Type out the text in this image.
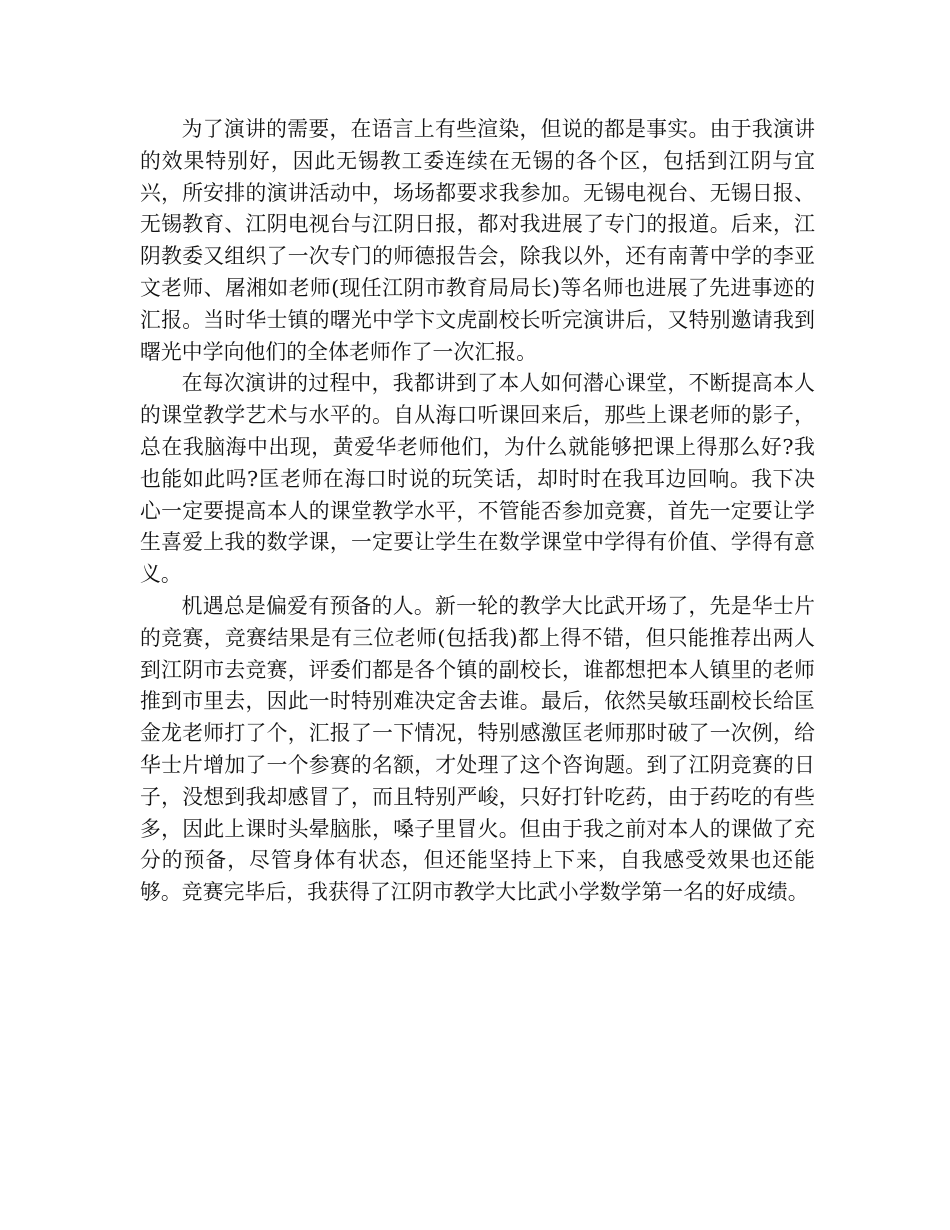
为了演讲的需要，在语言上有些渲染，但说的都是事实。由于我演讲的效果特别好，因此无锡教工委连续在无锡的各个区，包括到江阴与宜兴，所安排的演讲活动中，场场都要求我参加。无锡电视台、无锡日报、无锡教育、江阴电视台与江阴日报，都对我进展了专门的报道。后来，江阴教委又组织了一次专门的师德报告会，除我以外，还有南菁中学的李亚文老师、屠湘如老师(现任江阴市教育局局长)等名师也进展了先进事迹的汇报。当时华士镇的曙光中学卞文虎副校长听完演讲后，又特别邀请我到曙光中学向他们的全体老师作了一次汇报。

在每次演讲的过程中，我都讲到了本人如何潜心课堂，不断提高本人的课堂教学艺术与水平的。自从海口听课回来后，那些上课老师的影子，总在我脑海中出现，黄爱华老师他们，为什么就能够把课上得那么好?我也能如此吗?匡老师在海口时说的玩笑话，却时时在我耳边回响。我下决心一定要提高本人的课堂教学水平，不管能否参加竞赛，首先一定要让学生喜爱上我的数学课，一定要让学生在数学课堂中学得有价值、学得有意义。

机遇总是偏爱有预备的人。新一轮的教学大比武开场了，先是华士片的竞赛，竞赛结果是有三位老师(包括我)都上得不错，但只能推荐出两人到江阴市去竞赛，评委们都是各个镇的副校长，谁都想把本人镇里的老师推到市里去，因此一时特别难决定舍去谁。最后，依然吴敏珏副校长给匡金龙老师打了个，汇报了一下情况，特别感激匡老师那时破了一次例，给华士片增加了一个参赛的名额，才处理了这个咨询题。到了江阴竞赛的日子，没想到我却感冒了，而且特别严峻，只好打针吃药，由于药吃的有些多，因此上课时头晕脑胀，嗓子里冒火。但由于我之前对本人的课做了充分的预备，尽管身体有状态，但还能坚持上下来，自我感受效果也还能够。竞赛完毕后，我获得了江阴市教学大比武小学数学第一名的好成绩。
